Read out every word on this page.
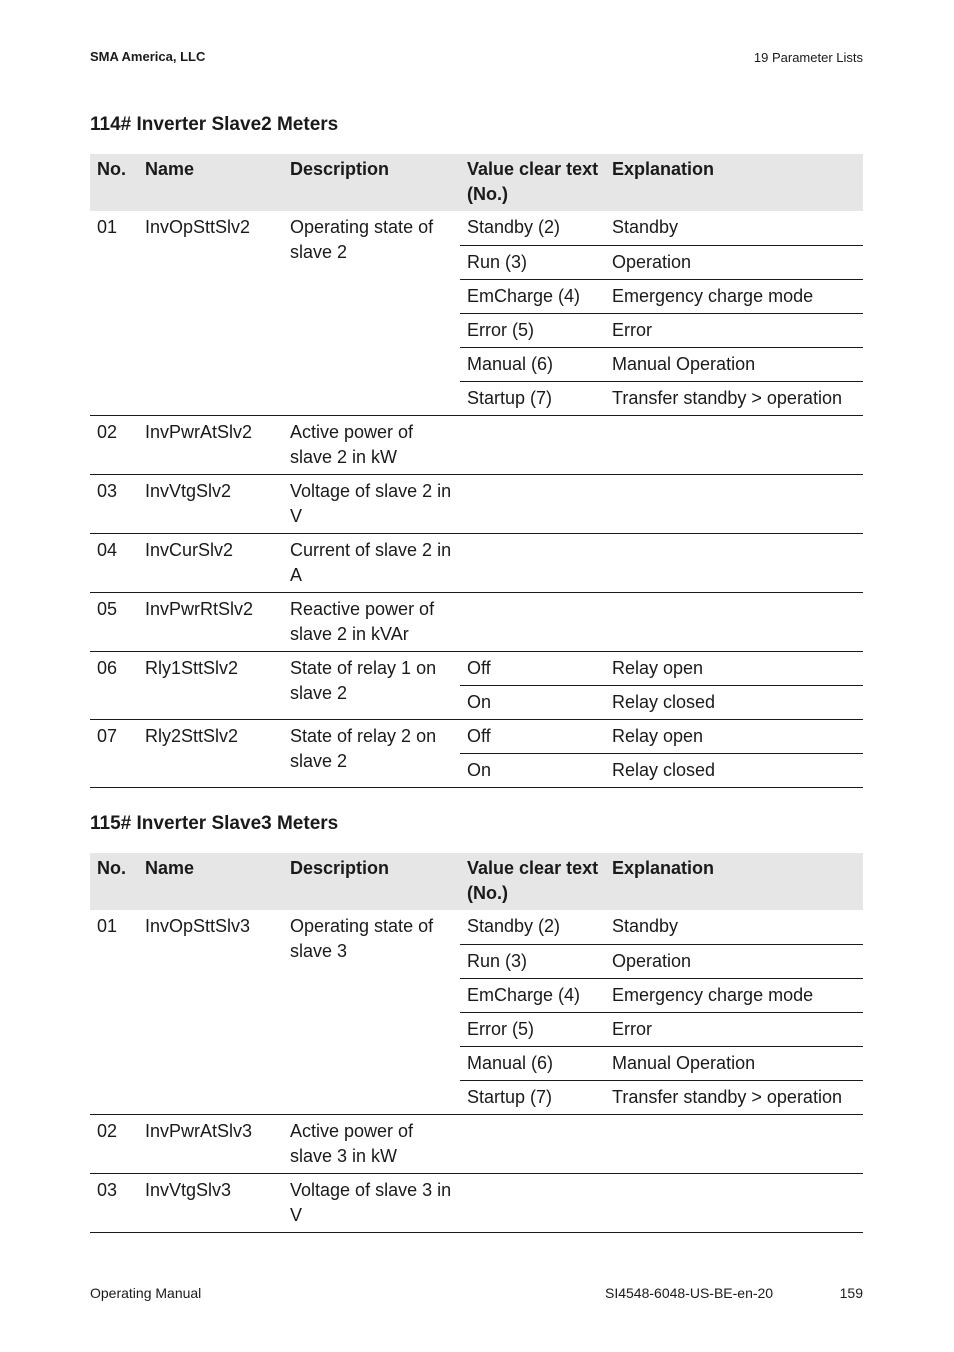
SMA America, LLC	19 Parameter Lists
114# Inverter Slave2 Meters
No.	Name	Description	Value clear text (No.)	Explanation
01	InvOpSttSlv2	Operating state of slave 2	Standby (2)	Standby
			Run (3)	Operation
			EmCharge (4)	Emergency charge mode
			Error (5)	Error
			Manual (6)	Manual Operation
			Startup (7)	Transfer standby > operation
02	InvPwrAtSlv2	Active power of slave 2 in kW		
03	InvVtgSlv2	Voltage of slave 2 in V		
04	InvCurSlv2	Current of slave 2 in A		
05	InvPwrRtSlv2	Reactive power of slave 2 in kVAr		
06	Rly1SttSlv2	State of relay 1 on slave 2	Off	Relay open
			On	Relay closed
07	Rly2SttSlv2	State of relay 2 on slave 2	Off	Relay open
			On	Relay closed
115# Inverter Slave3 Meters
No.	Name	Description	Value clear text (No.)	Explanation
01	InvOpSttSlv3	Operating state of slave 3	Standby (2)	Standby
			Run (3)	Operation
			EmCharge (4)	Emergency charge mode
			Error (5)	Error
			Manual (6)	Manual Operation
			Startup (7)	Transfer standby > operation
02	InvPwrAtSlv3	Active power of slave 3 in kW		
03	InvVtgSlv3	Voltage of slave 3 in V		
Operating Manual	SI4548-6048-US-BE-en-20	159
